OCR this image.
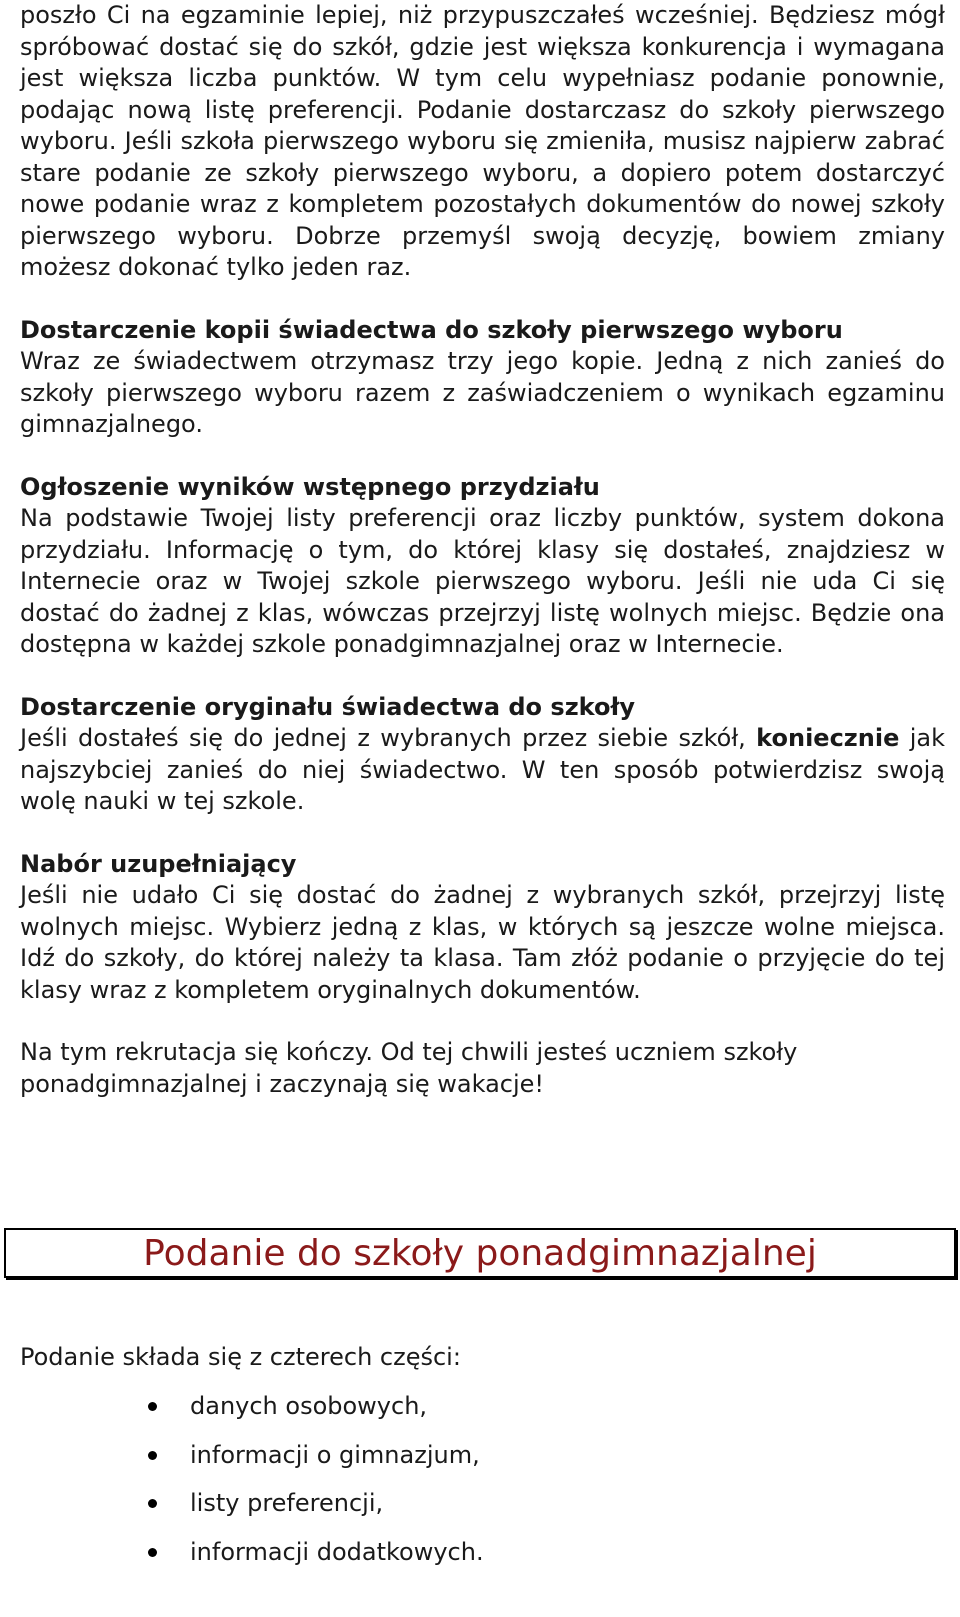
poszło Ci na egzaminie lepiej, niż przypuszczałeś wcześniej. Będziesz mógł spróbować dostać się do szkół, gdzie jest większa konkurencja i wymagana jest większa liczba punktów. W tym celu wypełniasz podanie ponownie, podając nową listę preferencji. Podanie dostarczasz do szkoły pierwszego wyboru. Jeśli szkoła pierwszego wyboru się zmieniła, musisz najpierw zabrać stare podanie ze szkoły pierwszego wyboru, a dopiero potem dostarczyć nowe podanie wraz z kompletem pozostałych dokumentów do nowej szkoły pierwszego wyboru. Dobrze przemyśl swoją decyzję, bowiem zmiany możesz dokonać tylko jeden raz.

Dostarczenie kopii świadectwa do szkoły pierwszego wyboru

Wraz ze świadectwem otrzymasz trzy jego kopie. Jedną z nich zanieś do szkoły pierwszego wyboru razem z zaświadczeniem o wynikach egzaminu gimnazjalnego.

Ogłoszenie wyników wstępnego przydziału

Na podstawie Twojej listy preferencji oraz liczby punktów, system dokona przydziału. Informację o tym, do której klasy się dostałeś, znajdziesz w Internecie oraz w Twojej szkole pierwszego wyboru. Jeśli nie uda Ci się dostać do żadnej z klas, wówczas przejrzyj listę wolnych miejsc. Będzie ona dostępna w każdej szkole ponadgimnazjalnej oraz w Internecie.

Dostarczenie oryginału świadectwa do szkoły

Jeśli dostałeś się do jednej z wybranych przez siebie szkół, koniecznie jak najszybciej zanieś do niej świadectwo. W ten sposób potwierdzisz swoją wolę nauki w tej szkole.

Nabór uzupełniający

Jeśli nie udało Ci się dostać do żadnej z wybranych szkół, przejrzyj listę wolnych miejsc. Wybierz jedną z klas, w których są jeszcze wolne miejsca. Idź do szkoły, do której należy ta klasa. Tam złóż podanie o przyjęcie do tej klasy wraz z kompletem oryginalnych dokumentów.

Na tym rekrutacja się kończy. Od tej chwili jesteś uczniem szkoły ponadgimnazjalnej i zaczynają się wakacje!

Podanie do szkoły ponadgimnazjalnej
Podanie składa się z czterech części:
danych osobowych,
informacji o gimnazjum,
listy preferencji,
informacji dodatkowych.
